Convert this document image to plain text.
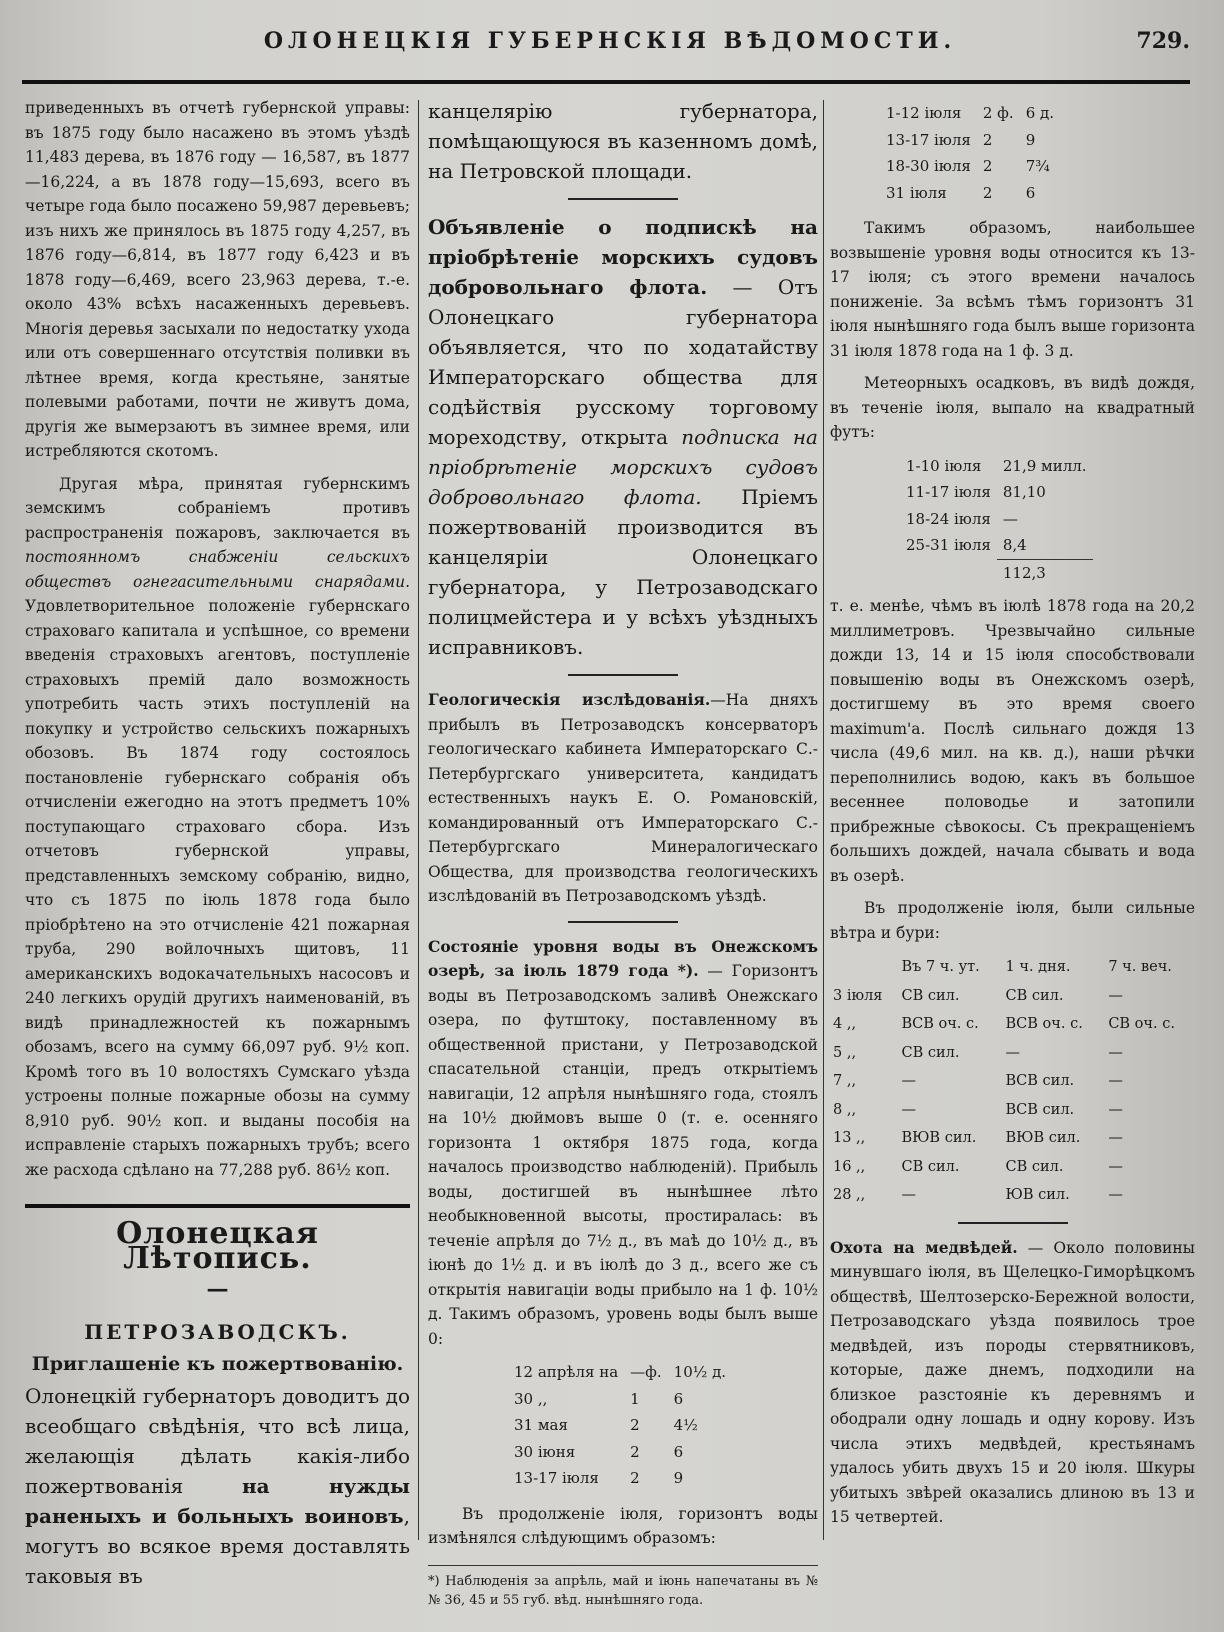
ОЛОНЕЦКІЯ ГУБЕРНСКІЯ ВѢДОМОСТИ.	729.

приведенныхъ въ отчетѣ губернской управы: въ 1875 году было насажено въ этомъ уѣздѣ 11,483 дерева, въ 1876 году — 16,587, въ 1877—16,224, а въ 1878 году—15,693, всего въ четыре года было посажено 59,987 деревьевъ; изъ нихъ же принялось въ 1875 году 4,257, въ 1876 году—6,814, въ 1877 году 6,423 и въ 1878 году—6,469, всего 23,963 дерева, т.-е. около 43% всѣхъ насаженныхъ деревьевъ. Многія деревья засыхали по недостатку ухода или отъ совершеннаго отсутствія поливки въ лѣтнее время, когда крестьяне, занятые полевыми работами, почти не живутъ дома, другія же вымерзаютъ въ зимнее время, или истребляются скотомъ.

Другая мѣра, принятая губернскимъ земскимъ собраніемъ противъ распространенія пожаровъ, заключается въ постоянномъ снабженіи сельскихъ обществъ огнегасительными снарядами. Удовлетворительное положеніе губернскаго страховаго капитала и успѣшное, со времени введенія страховыхъ агентовъ, поступленіе страховыхъ премій дало возможность употребить часть этихъ поступленій на покупку и устройство сельскихъ пожарныхъ обозовъ. Въ 1874 году состоялось постановленіе губернскаго собранія объ отчисленіи ежегодно на этотъ предметъ 10% поступающаго страховаго сбора. Изъ отчетовъ губернской управы, представленныхъ земскому собранію, видно, что съ 1875 по іюль 1878 года было пріобрѣтено на это отчисленіе 421 пожарная труба, 290 войлочныхъ щитовъ, 11 американскихъ водокачательныхъ насосовъ и 240 легкихъ орудій другихъ наименованій, въ видѣ принадлежностей къ пожарнымъ обозамъ, всего на сумму 66,097 руб. 9½ коп. Кромѣ того въ 10 волостяхъ Сумскаго уѣзда устроены полные пожарные обозы на сумму 8,910 руб. 90½ коп. и выданы пособія на исправленіе старыхъ пожарныхъ трубъ; всего же расхода сдѣлано на 77,288 руб. 86½ коп.

Олонецкая Лѣтопись.
—
ПЕТРОЗАВОДСКЪ.
Приглашеніе къ пожертвованію.

Олонецкій губернаторъ доводитъ до всеобщаго свѣдѣнія, что всѣ лица, желающія дѣлать какія-либо пожертвованія на нужды раненыхъ и больныхъ воиновъ, могутъ во всякое время доставлять таковыя въ

канцелярію губернатора, помѣщающуюся въ казенномъ домѣ, на Петровской площади.

Объявленіе о подпискѣ на пріобрѣтеніе морскихъ судовъ добровольнаго флота. — Отъ Олонецкаго губернатора объявляется, что по ходатайству Императорскаго общества для содѣйствія русскому торговому мореходству, открыта подписка на пріобрѣтеніе морскихъ судовъ добровольнаго флота. Пріемъ пожертвованій производится въ канцеляріи Олонецкаго губернатора, у Петрозаводскаго полицмейстера и у всѣхъ уѣздныхъ исправниковъ.

Геологическія изслѣдованія.—На дняхъ прибылъ въ Петрозаводскъ консерваторъ геологическаго кабинета Императорскаго С.-Петербургскаго университета, кандидатъ естественныхъ наукъ Е. О. Романовскій, командированный отъ Императорскаго С.-Петербургскаго Минералогическаго Общества, для производства геологическихъ изслѣдованій въ Петрозаводскомъ уѣздѣ.

Состояніе уровня воды въ Онежскомъ озерѣ, за іюль 1879 года *). — Горизонтъ воды въ Петрозаводскомъ заливѣ Онежскаго озера, по футштоку, поставленному въ общественной пристани, у Петрозаводской спасательной станціи, предъ открытіемъ навигаціи, 12 апрѣля нынѣшняго года, стоялъ на 10½ дюймовъ выше 0 (т. е. осенняго горизонта 1 октября 1875 года, когда началось производство наблюденій). Прибыль воды, достигшей въ нынѣшнее лѣто необыкновенной высоты, простиралась: въ теченіе апрѣля до 7½ д., въ маѣ до 10½ д., въ іюнѣ до 1½ д. и въ іюлѣ до 3 д., всего же съ открытія навигаціи воды прибыло на 1 ф. 10½ д. Такимъ образомъ, уровень воды былъ выше 0:

12 апрѣля на	—ф.	10½ д.
30 ,,	1	6
31 мая	2	4½
30 іюня	2	6
13-17 іюля	2	9

Въ продолженіе іюля, горизонтъ воды измѣнялся слѣдующимъ образомъ:

*) Наблюденія за апрѣль, май и іюнь напечатаны въ № № 36, 45 и 55 губ. вѣд. нынѣшняго года.
1-12 іюля	2 ф.	6 д.
13-17 іюля	2	9
18-30 іюля	2	7¾
31 іюля	2	6

Такимъ образомъ, наибольшее возвышеніе уровня воды относится къ 13-17 іюля; съ этого времени началось пониженіе. За всѣмъ тѣмъ горизонтъ 31 іюля нынѣшняго года былъ выше горизонта 31 іюля 1878 года на 1 ф. 3 д.

Метеорныхъ осадковъ, въ видѣ дождя, въ теченіе іюля, выпало на квадратный футъ:

1-10 іюля	21,9 милл.
11-17 іюля	81,10
18-24 іюля	—
25-31 іюля	8,4
	112,3

т. е. менѣе, чѣмъ въ іюлѣ 1878 года на 20,2 миллиметровъ. Чрезвычайно сильные дожди 13, 14 и 15 іюля способствовали повышенію воды въ Онежскомъ озерѣ, достигшему въ это время своего maximum'а. Послѣ сильнаго дождя 13 числа (49,6 мил. на кв. д.), наши рѣчки переполнились водою, какъ въ большое весеннее половодье и затопили прибрежные сѣвокосы. Съ прекращеніемъ большихъ дождей, начала сбывать и вода въ озерѣ.

Въ продолженіе іюля, были сильные вѣтра и бури:

	Въ 7 ч. ут.	1 ч. дня.	7 ч. веч.
3 іюля	СВ сил.	СВ сил.	—
4 ,,	ВСВ оч. с.	ВСВ оч. с.	СВ оч. с.
5 ,,	СВ сил.	—	—
7 ,,	—	ВСВ сил.	—
8 ,,	—	ВСВ сил.	—
13 ,,	ВЮВ сил.	ВЮВ сил.	—
16 ,,	СВ сил.	СВ сил.	—
28 ,,	—	ЮВ сил.	—

Охота на медвѣдей. — Около половины минувшаго іюля, въ Щелецко-Гиморѣцкомъ обществѣ, Шелтозерско-Бережной волости, Петрозаводскаго уѣзда появилось трое медвѣдей, изъ породы стервятниковъ, которые, даже днемъ, подходили на близкое разстояніе къ деревнямъ и ободрали одну лошадь и одну корову. Изъ числа этихъ медвѣдей, крестьянамъ удалось убить двухъ 15 и 20 іюля. Шкуры убитыхъ звѣрей оказались длиною въ 13 и 15 четвертей.
